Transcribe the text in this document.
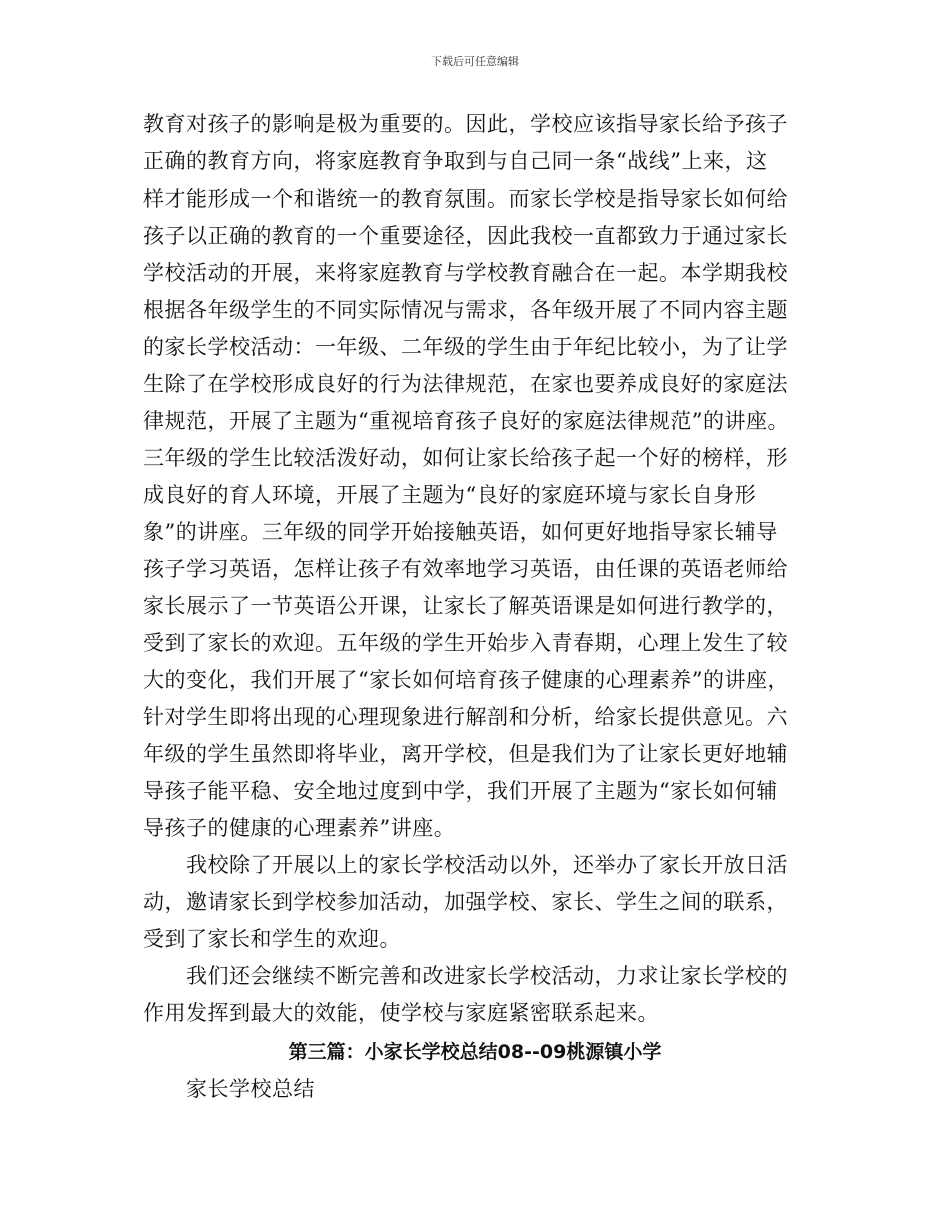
下载后可任意编辑
教育对孩子的影响是极为重要的。因此，学校应该指导家长给予孩子
正确的教育方向，将家庭教育争取到与自己同一条“战线”上来，这
样才能形成一个和谐统一的教育氛围。而家长学校是指导家长如何给
孩子以正确的教育的一个重要途径，因此我校一直都致力于通过家长
学校活动的开展，来将家庭教育与学校教育融合在一起。本学期我校
根据各年级学生的不同实际情况与需求，各年级开展了不同内容主题
的家长学校活动：一年级、二年级的学生由于年纪比较小，为了让学
生除了在学校形成良好的行为法律规范，在家也要养成良好的家庭法
律规范，开展了主题为“重视培育孩子良好的家庭法律规范”的讲座。
三年级的学生比较活泼好动，如何让家长给孩子起一个好的榜样，形
成良好的育人环境，开展了主题为“良好的家庭环境与家长自身形
象”的讲座。三年级的同学开始接触英语，如何更好地指导家长辅导
孩子学习英语，怎样让孩子有效率地学习英语，由任课的英语老师给
家长展示了一节英语公开课，让家长了解英语课是如何进行教学的，
受到了家长的欢迎。五年级的学生开始步入青春期，心理上发生了较
大的变化，我们开展了“家长如何培育孩子健康的心理素养”的讲座，
针对学生即将出现的心理现象进行解剖和分析，给家长提供意见。六
年级的学生虽然即将毕业，离开学校，但是我们为了让家长更好地辅
导孩子能平稳、安全地过度到中学，我们开展了主题为“家长如何辅
导孩子的健康的心理素养”讲座。
我校除了开展以上的家长学校活动以外，还举办了家长开放日活
动，邀请家长到学校参加活动，加强学校、家长、学生之间的联系，
受到了家长和学生的欢迎。
我们还会继续不断完善和改进家长学校活动，力求让家长学校的
作用发挥到最大的效能，使学校与家庭紧密联系起来。
第三篇：小家长学校总结08--09桃源镇小学
家长学校总结
